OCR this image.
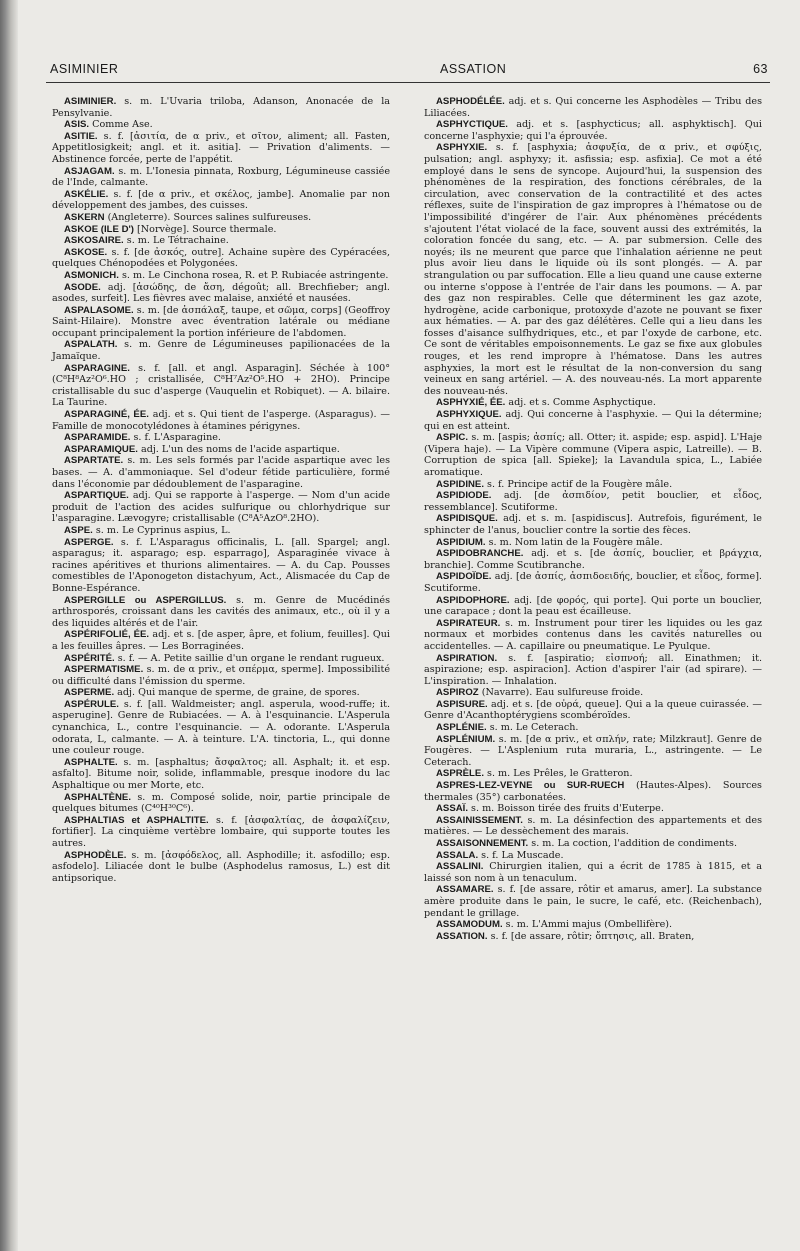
ASIMINIER	ASSATION	63

ASIMINIER. s. m. L'Uvaria triloba, Adanson, Anonacée de la Pensylvanie.

ASIS. Comme Ase.

ASITIE. s. f. [ἀσιτία, de α priv., et σῖτον, aliment; all. Fasten, Appetitlosigkeit; angl. et it. asitia]. — Privation d'aliments. — Abstinence forcée, perte de l'appétit.

ASJAGAM. s. m. L'Ionesia pinnata, Roxburg, Légumineuse cassiée de l'Inde, calmante.

ASKÉLIE. s. f. [de α priv., et σκέλος, jambe]. Anomalie par non développement des jambes, des cuisses.

ASKERN (Angleterre). Sources salines sulfureuses.

ASKOE (ILE D') [Norvège]. Source thermale.

ASKOSAIRE. s. m. Le Tétrachaine.

ASKOSE. s. f. [de ἀσκός, outre]. Achaine supère des Cypéracées, quelques Chénopodées et Polygonées.

ASMONICH. s. m. Le Cinchona rosea, R. et P. Rubiacée astringente.

ASODE. adj. [ἀσώδης, de ἄση, dégoût; all. Brechfieber; angl. asodes, surfeit]. Les fièvres avec malaise, anxiété et nausées.

ASPALASOME. s. m. [de ἀσπάλαξ, taupe, et σῶμα, corps] (Geoffroy Saint-Hilaire). Monstre avec éventration latérale ou médiane occupant principalement la portion inférieure de l'abdomen.

ASPALATH. s. m. Genre de Légumineuses papilionacées de la Jamaïque.

ASPARAGINE. s. f. [all. et angl. Asparagin]. Séchée à 100° (C⁸H⁸Az²O⁶.HO ; cristallisée, C⁸H⁷Az²O⁵.HO + 2HO). Principe cristallisable du suc d'asperge (Vauquelin et Robiquet). — A. bilaire. La Taurine.

ASPARAGINÉ, ÉE. adj. et s. Qui tient de l'asperge. (Asparagus). — Famille de monocotylédones à étamines périgynes.

ASPARAMIDE. s. f. L'Asparagine.

ASPARAMIQUE. adj. L'un des noms de l'acide aspartique.

ASPARTATE. s. m. Les sels formés par l'acide aspartique avec les bases. — A. d'ammoniaque. Sel d'odeur fétide particulière, formé dans l'économie par dédoublement de l'asparagine.

ASPARTIQUE. adj. Qui se rapporte à l'asperge. — Nom d'un acide produit de l'action des acides sulfurique ou chlorhydrique sur l'asparagine. Lævogyre; cristallisable (C⁸A⁵AzO⁸.2HO).

ASPE. s. m. Le Cyprinus aspius, L.

ASPERGE. s. f. L'Asparagus officinalis, L. [all. Spargel; angl. asparagus; it. asparago; esp. esparrago], Asparaginée vivace à racines apéritives et thurions alimentaires. — A. du Cap. Pousses comestibles de l'Aponogeton distachyum, Act., Alismacée du Cap de Bonne-Espérance.

ASPERGILLE ou ASPERGILLUS. s. m. Genre de Mucédinés arthrosporés, croissant dans les cavités des animaux, etc., où il y a des liquides altérés et de l'air.

ASPÉRIFOLIÉ, ÉE. adj. et s. [de asper, âpre, et folium, feuilles]. Qui a les feuilles âpres. — Les Borraginées.

ASPÉRITÉ. s. f. — A. Petite saillie d'un organe le rendant rugueux.

ASPERMATISME. s. m. de α priv., et σπέρμα, sperme]. Impossibilité ou difficulté dans l'émission du sperme.

ASPERME. adj. Qui manque de sperme, de graine, de spores.

ASPÉRULE. s. f. [all. Waldmeister; angl. asperula, wood-ruffe; it. asperugine]. Genre de Rubiacées. — A. à l'esquinancie. L'Asperula cynanchica, L., contre l'esquinancie. — A. odorante. L'Asperula odorata, L, calmante. — A. à teinture. L'A. tinctoria, L., qui donne une couleur rouge.

ASPHALTE. s. m. [asphaltus; ἄσφαλτος; all. Asphalt; it. et esp. asfalto]. Bitume noir, solide, inflammable, presque inodore du lac Asphaltique ou mer Morte, etc.

ASPHALTÈNE. s. m. Composé solide, noir, partie principale de quelques bitumes (C⁴⁰H³⁰C⁶).

ASPHALTIAS et ASPHALTITE. s. f. [ἀσφαλτίας, de ἀσφαλίζειν, fortifier]. La cinquième vertèbre lombaire, qui supporte toutes les autres.

ASPHODÈLE. s. m. [ἀσφόδελος, all. Asphodille; it. asfodillo; esp. asfodelo]. Liliacée dont le bulbe (Asphodelus ramosus, L.) est dit antipsorique.

ASPHODÉLÉE. adj. et s. Qui concerne les Asphodèles — Tribu des Liliacées.

ASPHYCTIQUE. adj. et s. [asphycticus; all. asphyktisch]. Qui concerne l'asphyxie; qui l'a éprouvée.

ASPHYXIE. s. f. [asphyxia; ἀσφυξία, de α priv., et σφύξις, pulsation; angl. asphyxy; it. asfissia; esp. asfixia]. Ce mot a été employé dans le sens de syncope. Aujourd'hui, la suspension des phénomènes de la respiration, des fonctions cérébrales, de la circulation, avec conservation de la contractilité et des actes réflexes, suite de l'inspiration de gaz impropres à l'hématose ou de l'impossibilité d'ingérer de l'air. Aux phénomènes précédents s'ajoutent l'état violacé de la face, souvent aussi des extrémités, la coloration foncée du sang, etc. — A. par submersion. Celle des noyés; ils ne meurent que parce que l'inhalation aérienne ne peut plus avoir lieu dans le liquide où ils sont plongés. — A. par strangulation ou par suffocation. Elle a lieu quand une cause externe ou interne s'oppose à l'entrée de l'air dans les poumons. — A. par des gaz non respirables. Celle que déterminent les gaz azote, hydrogène, acide carbonique, protoxyde d'azote ne pouvant se fixer aux hématies. — A. par des gaz délétères. Celle qui a lieu dans les fosses d'aisance sulfhydriques, etc., et par l'oxyde de carbone, etc. Ce sont de véritables empoisonnements. Le gaz se fixe aux globules rouges, et les rend impropre à l'hématose. Dans les autres asphyxies, la mort est le résultat de la non-conversion du sang veineux en sang artériel. — A. des nouveau-nés. La mort apparente des nouveau-nés.

ASPHYXIÉ, ÉE. adj. et s. Comme Asphyctique.

ASPHYXIQUE. adj. Qui concerne à l'asphyxie. — Qui la détermine; qui en est atteint.

ASPIC. s. m. [aspis; ἀσπίς; all. Otter; it. aspide; esp. aspid]. L'Haje (Vipera haje). — La Vipère commune (Vipera aspic, Latreille). — B. Corruption de spica [all. Spieke]; la Lavandula spica, L., Labiée aromatique.

ASPIDINE. s. f. Principe actif de la Fougère mâle.

ASPIDIODE. adj. [de ἀσπιδίον, petit bouclier, et εἶδος, ressemblance]. Scutiforme.

ASPIDISQUE. adj. et s. m. [aspidiscus]. Autrefois, figurément, le sphincter de l'anus, bouclier contre la sortie des fèces.

ASPIDIUM. s. m. Nom latin de la Fougère mâle.

ASPIDOBRANCHE. adj. et s. [de ἀσπίς, bouclier, et βράγχια, branchie]. Comme Scutibranche.

ASPIDOÏDE. adj. [de ἀσπίς, ἀσπιδοειδής, bouclier, et εἶδος, forme]. Scutiforme.

ASPIDOPHORE. adj. [de φορός, qui porte]. Qui porte un bouclier, une carapace ; dont la peau est écailleuse.

ASPIRATEUR. s. m. Instrument pour tirer les liquides ou les gaz normaux et morbides contenus dans les cavités naturelles ou accidentelles. — A. capillaire ou pneumatique. Le Pyulque.

ASPIRATION. s. f. [aspiratio; εἰσπνοή; all. Einathmen; it. aspirazione; esp. aspiracion]. Action d'aspirer l'air (ad spirare). — L'inspiration. — Inhalation.

ASPIROZ (Navarre). Eau sulfureuse froide.

ASPISURE. adj. et s. [de οὐρά, queue]. Qui a la queue cuirassée. — Genre d'Acanthoptérygiens scombéroïdes.

ASPLÉNIE. s. m. Le Ceterach.

ASPLÉNIUM. s. m. [de α priv., et σπλήν, rate; Milzkraut]. Genre de Fougères. — L'Asplenium ruta muraria, L., astringente. — Le Ceterach.

ASPRÈLE. s. m. Les Prêles, le Gratteron.

ASPRES-LEZ-VEYNE ou SUR-RUECH (Hautes-Alpes). Sources thermales (35°) carbonatées.

ASSAÏ. s. m. Boisson tirée des fruits d'Euterpe.

ASSAINISSEMENT. s. m. La désinfection des appartements et des matières. — Le dessèchement des marais.

ASSAISONNEMENT. s. m. La coction, l'addition de condiments.

ASSALA. s. f. La Muscade.

ASSALINI. Chirurgien italien, qui a écrit de 1785 à 1815, et a laissé son nom à un tenaculum.

ASSAMARE. s. f. [de assare, rôtir et amarus, amer]. La substance amère produite dans le pain, le sucre, le café, etc. (Reichenbach), pendant le grillage.

ASSAMODUM. s. m. L'Ammi majus (Ombellifère).

ASSATION. s. f. [de assare, rôtir; ὄπτησις, all. Braten,
